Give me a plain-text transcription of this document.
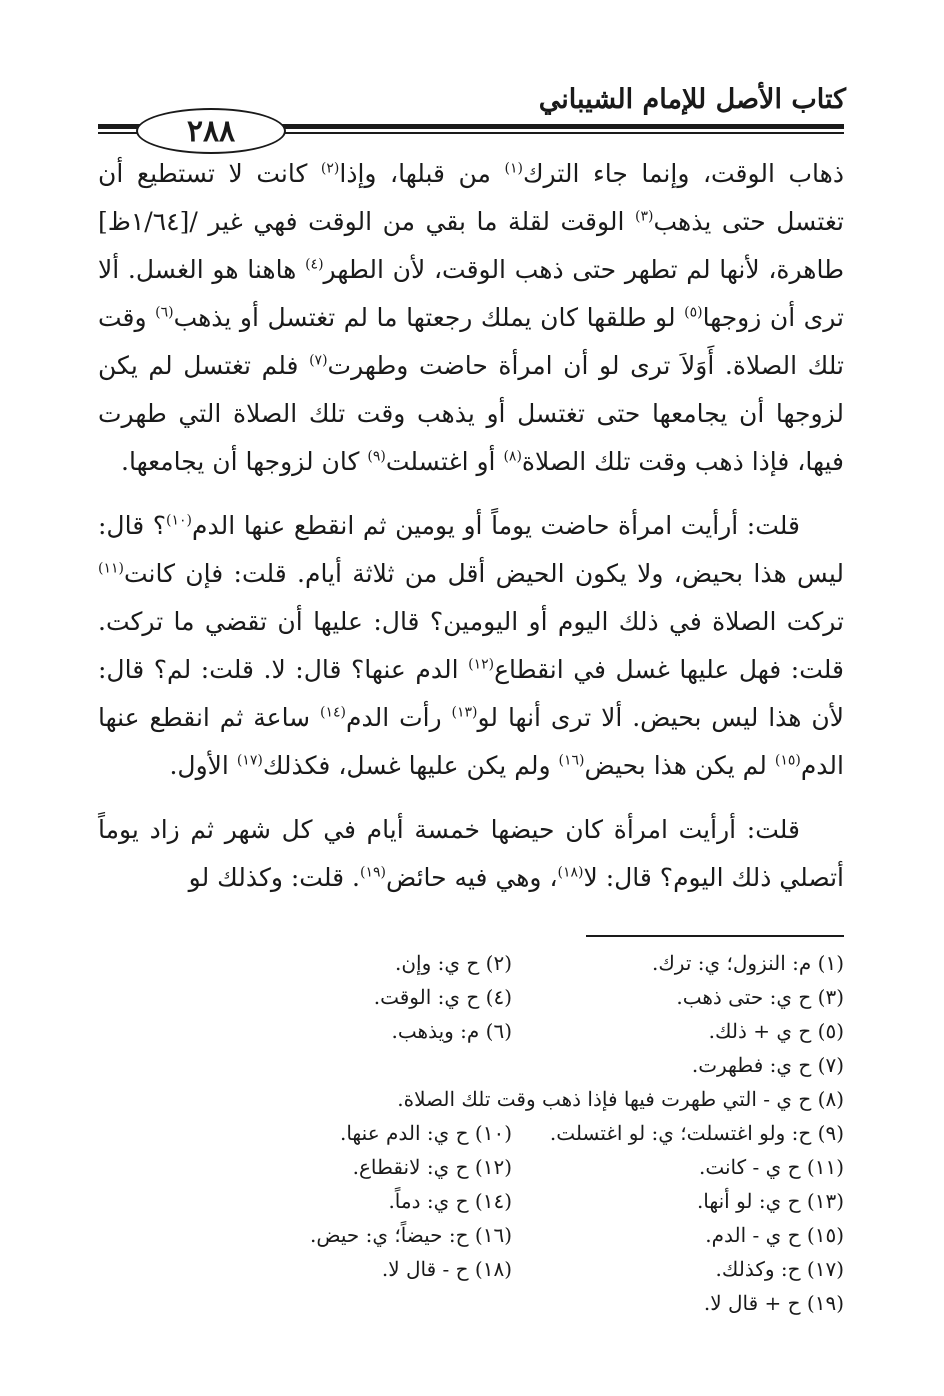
كتاب الأصل للإمام الشيباني
٢٨٨

ذهاب الوقت، وإنما جاء الترك$^{(١)}$ من قبلها، وإذا$^{(٢)}$ كانت لا تستطيع أن تغتسل حتى يذهب$^{(٣)}$ الوقت لقلة ما بقي من الوقت فهي غير /[١/٦٤ظ] طاهرة، لأنها لم تطهر حتى ذهب الوقت، لأن الطهر$^{(٤)}$ هاهنا هو الغسل. ألا ترى أن زوجها$^{(٥)}$ لو طلقها كان يملك رجعتها ما لم تغتسل أو يذهب$^{(٦)}$ وقت تلك الصلاة. أَوَلاَ ترى لو أن امرأة حاضت وطهرت$^{(٧)}$ فلم تغتسل لم يكن لزوجها أن يجامعها حتى تغتسل أو يذهب وقت تلك الصلاة التي طهرت فيها، فإذا ذهب وقت تلك الصلاة$^{(٨)}$ أو اغتسلت$^{(٩)}$ كان لزوجها أن يجامعها.

قلت: أرأيت امرأة حاضت يوماً أو يومين ثم انقطع عنها الدم$^{(١٠)}$؟ قال: ليس هذا بحيض، ولا يكون الحيض أقل من ثلاثة أيام. قلت: فإن كانت$^{(١١)}$ تركت الصلاة في ذلك اليوم أو اليومين؟ قال: عليها أن تقضي ما تركت. قلت: فهل عليها غسل في انقطاع$^{(١٢)}$ الدم عنها؟ قال: لا. قلت: لم؟ قال: لأن هذا ليس بحيض. ألا ترى أنها لو$^{(١٣)}$ رأت الدم$^{(١٤)}$ ساعة ثم انقطع عنها الدم$^{(١٥)}$ لم يكن هذا بحيض$^{(١٦)}$ ولم يكن عليها غسل، فكذلك$^{(١٧)}$ الأول.

قلت: أرأيت امرأة كان حيضها خمسة أيام في كل شهر ثم زاد يوماً أتصلي ذلك اليوم؟ قال: لا$^{(١٨)}$، وهي فيه حائض$^{(١٩)}$. قلت: وكذلك لو

(١) م: النزول؛ ي: ترك.
(٢) ح ي: وإن.
(٣) ح ي: حتى ذهب.
(٤) ح ي: الوقت.
(٥) ح ي + ذلك.
(٦) م: ويذهب.
(٧) ح ي: فطهرت.
(٨) ح ي - التي طهرت فيها فإذا ذهب وقت تلك الصلاة.
(٩) ح: ولو اغتسلت؛ ي: لو اغتسلت.
(١٠) ح ي: الدم عنها.
(١١) ح ي - كانت.
(١٢) ح ي: لانقطاع.
(١٣) ح ي: لو أنها.
(١٤) ح ي: دماً.
(١٥) ح ي - الدم.
(١٦) ح: حيضاً؛ ي: حيض.
(١٧) ح: وكذلك.
(١٨) ح - قال لا.
(١٩) ح + قال لا.
